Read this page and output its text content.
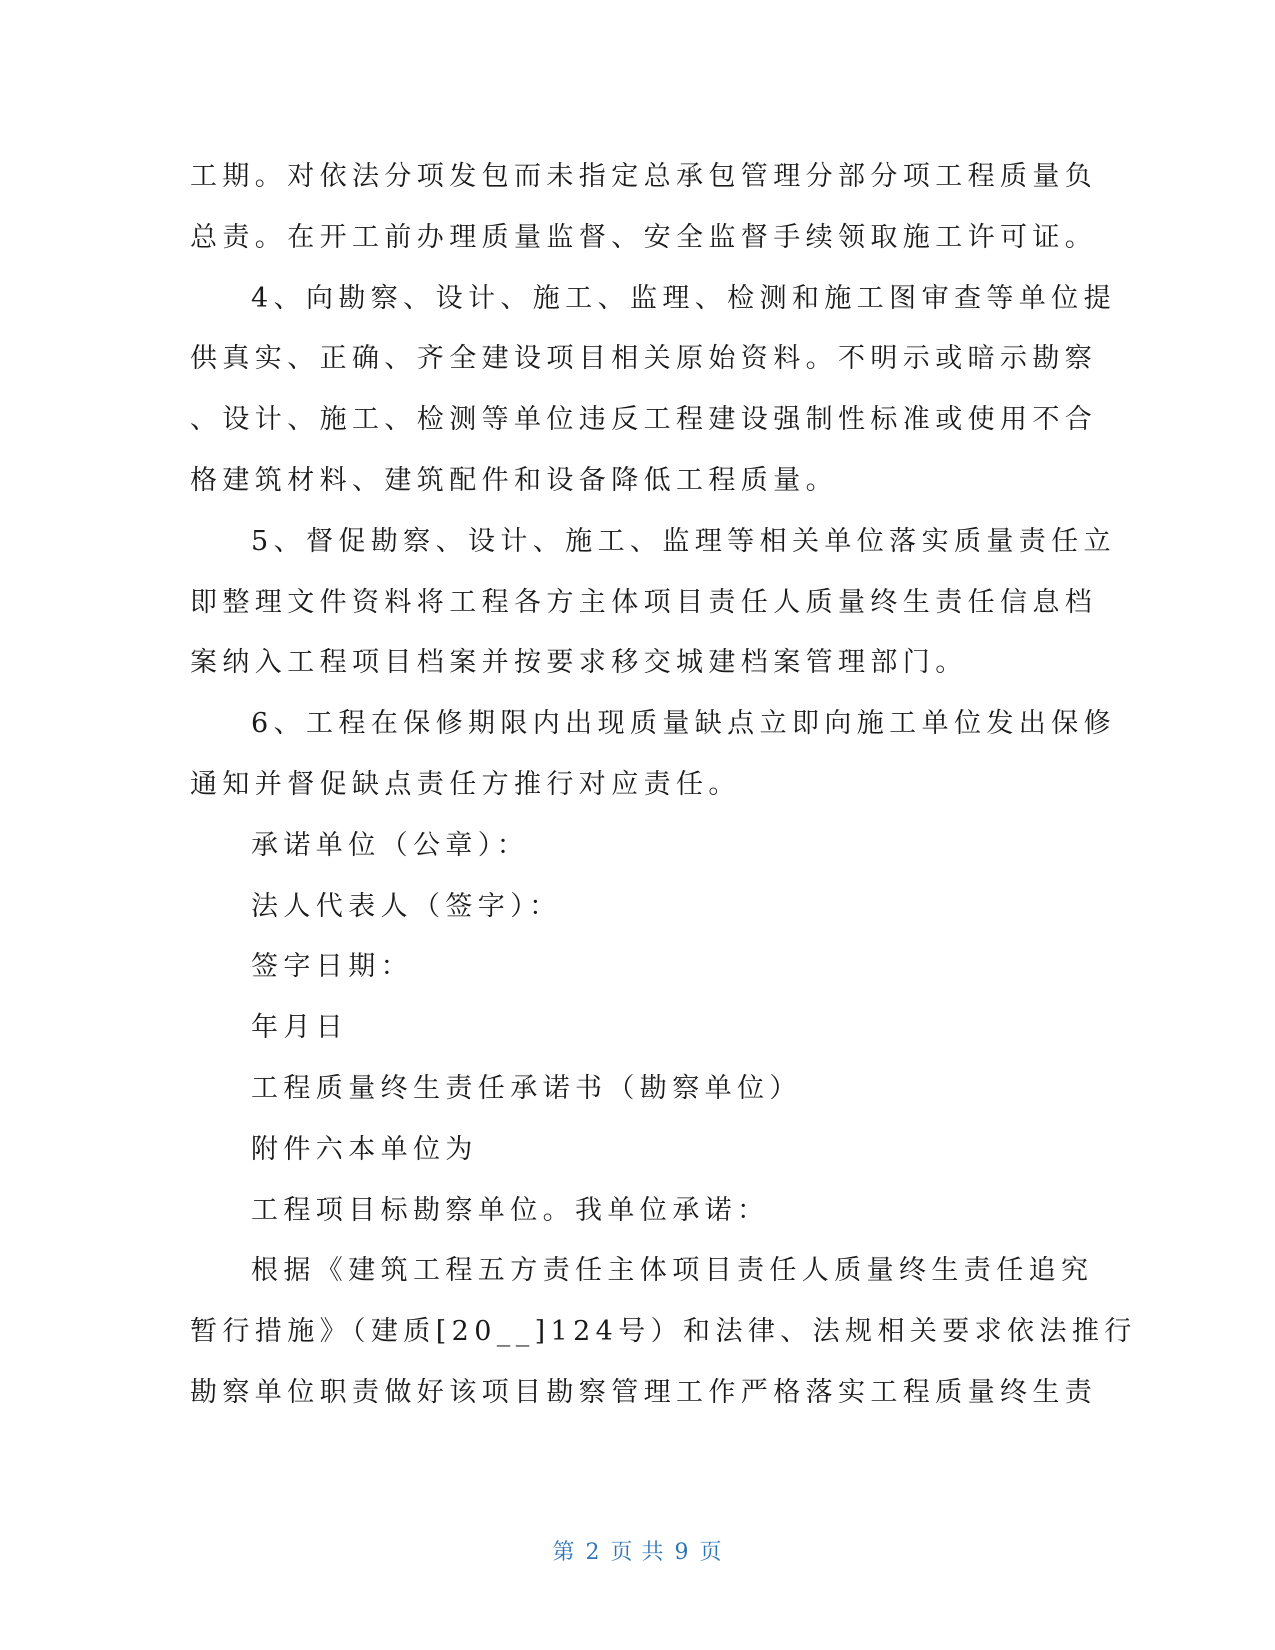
工期。对依法分项发包而未指定总承包管理分部分项工程质量负
总责。在开工前办理质量监督、安全监督手续领取施工许可证。
4、向勘察、设计、施工、监理、检测和施工图审查等单位提
供真实、正确、齐全建设项目相关原始资料。不明示或暗示勘察
、设计、施工、检测等单位违反工程建设强制性标准或使用不合
格建筑材料、建筑配件和设备降低工程质量。
5、督促勘察、设计、施工、监理等相关单位落实质量责任立
即整理文件资料将工程各方主体项目责任人质量终生责任信息档
案纳入工程项目档案并按要求移交城建档案管理部门。
6、工程在保修期限内出现质量缺点立即向施工单位发出保修
通知并督促缺点责任方推行对应责任。
承诺单位（公章）：
法人代表人（签字）：
签字日期：
年月日
工程质量终生责任承诺书（勘察单位）
附件六本单位为
工程项目标勘察单位。我单位承诺：
根据《建筑工程五方责任主体项目责任人质量终生责任追究
暂行措施》（建质[20__]124号）和法律、法规相关要求依法推行
勘察单位职责做好该项目勘察管理工作严格落实工程质量终生责
第 2 页 共 9 页
